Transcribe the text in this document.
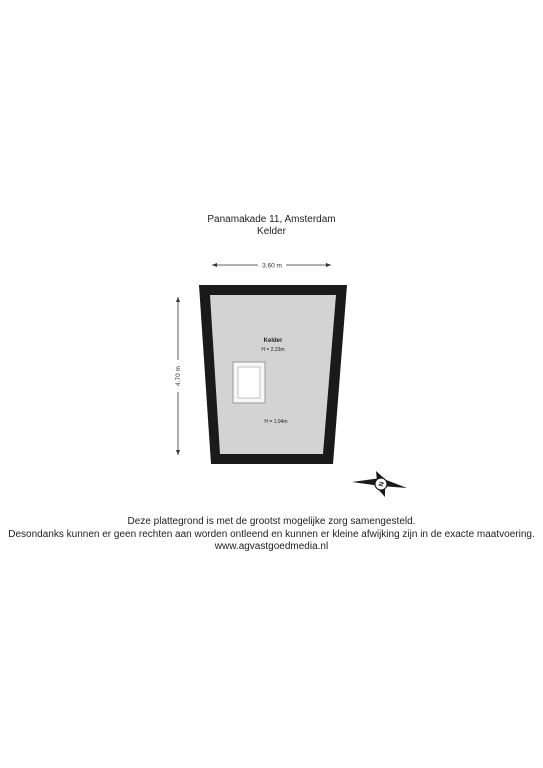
Panamakade 11, Amsterdam
Kelder
3.60 m
4.70 m
Kelder
H = 2.23m
H = 1.94m
N
Deze plattegrond is met de grootst mogelijke zorg samengesteld.
Desondanks kunnen er geen rechten aan worden ontleend en kunnen er kleine afwijking zijn in de exacte maatvoering.
www.agvastgoedmedia.nl
